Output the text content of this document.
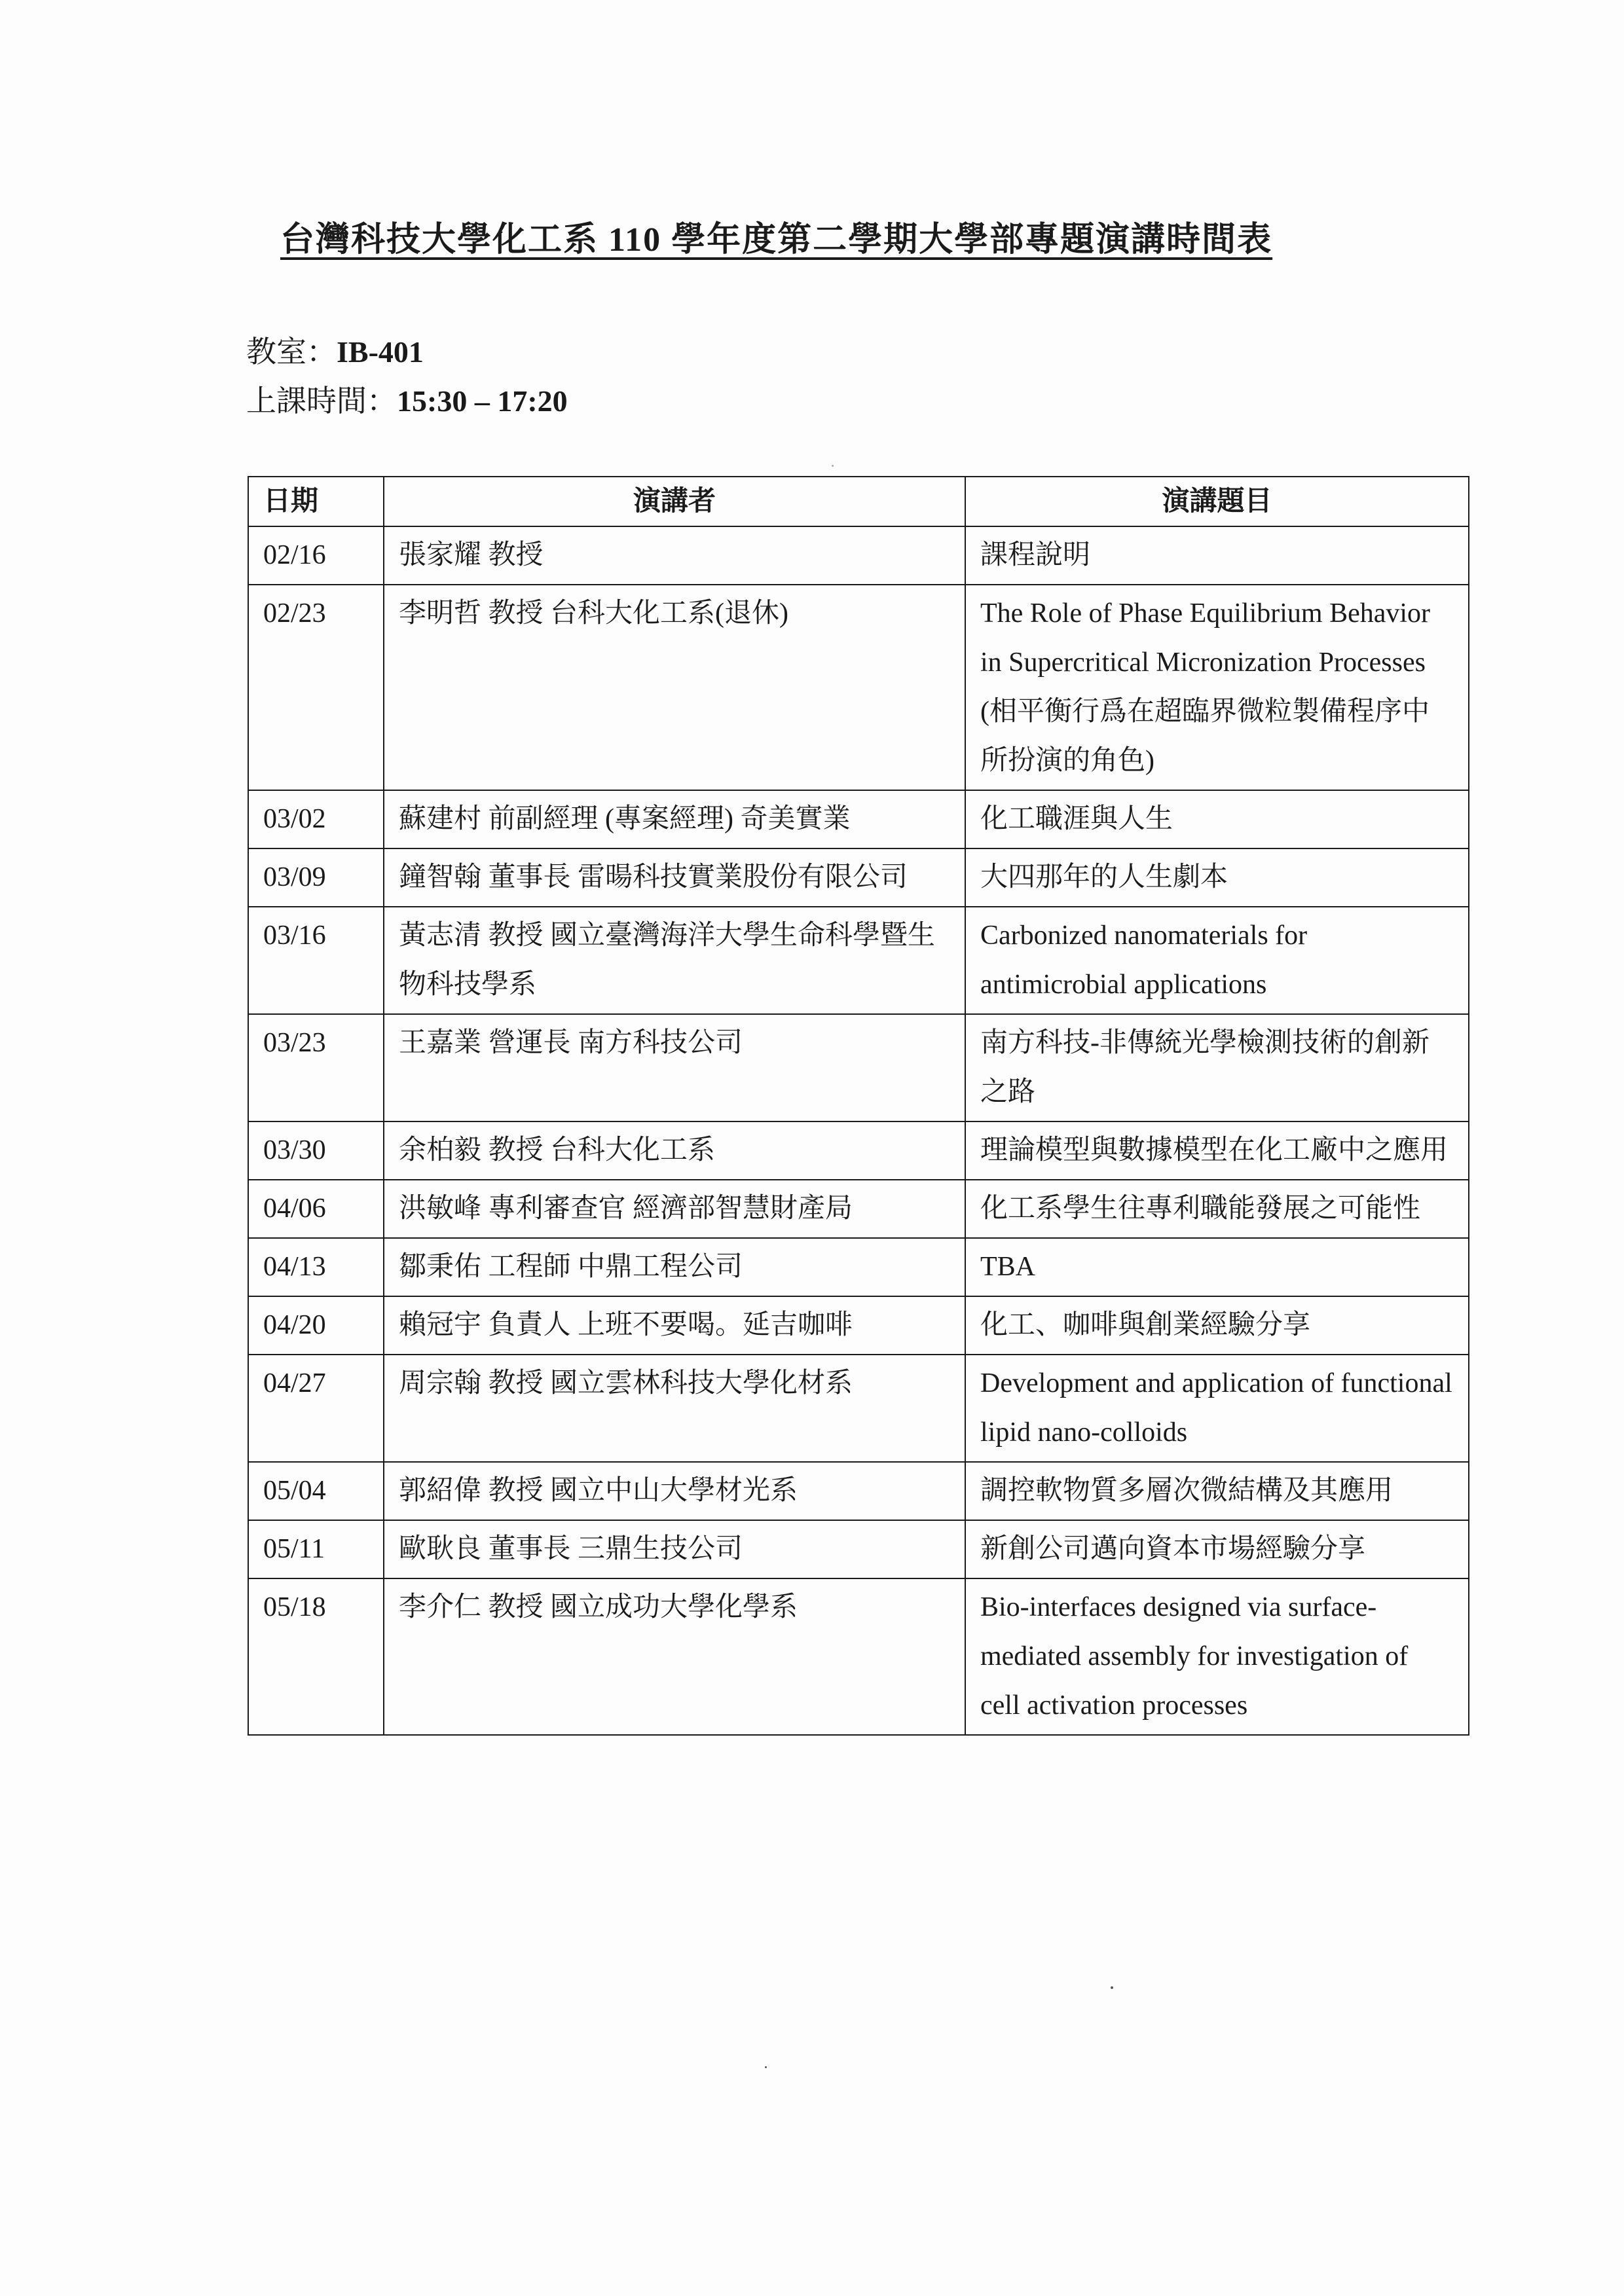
台灣科技大學化工系 110 學年度第二學期大學部專題演講時間表
教室：IB-401
上課時間：15:30 – 17:20
日期	演講者	演講題目
02/16	張家耀 教授	課程說明
02/23	李明哲 教授 台科大化工系(退休)	The Role of Phase Equilibrium Behavior in Supercritical Micronization Processes (相平衡行爲在超臨界微粒製備程序中所扮演的角色)
03/02	蘇建村 前副經理 (專案經理) 奇美實業	化工職涯與人生
03/09	鐘智翰 董事長 雷暘科技實業股份有限公司	大四那年的人生劇本
03/16	黃志清 教授 國立臺灣海洋大學生命科學暨生物科技學系	Carbonized nanomaterials for antimicrobial applications
03/23	王嘉業 營運長 南方科技公司	南方科技-非傳統光學檢測技術的創新之路
03/30	余柏毅 教授 台科大化工系	理論模型與數據模型在化工廠中之應用
04/06	洪敏峰 專利審查官 經濟部智慧財產局	化工系學生往專利職能發展之可能性
04/13	鄒秉佑 工程師 中鼎工程公司	TBA
04/20	賴冠宇 負責人 上班不要喝。延吉咖啡	化工、咖啡與創業經驗分享
04/27	周宗翰 教授 國立雲林科技大學化材系	Development and application of functional lipid nano-colloids
05/04	郭紹偉 教授 國立中山大學材光系	調控軟物質多層次微結構及其應用
05/11	歐耿良 董事長 三鼎生技公司	新創公司邁向資本市場經驗分享
05/18	李介仁 教授 國立成功大學化學系	Bio-interfaces designed via surface-mediated assembly for investigation of cell activation processes
